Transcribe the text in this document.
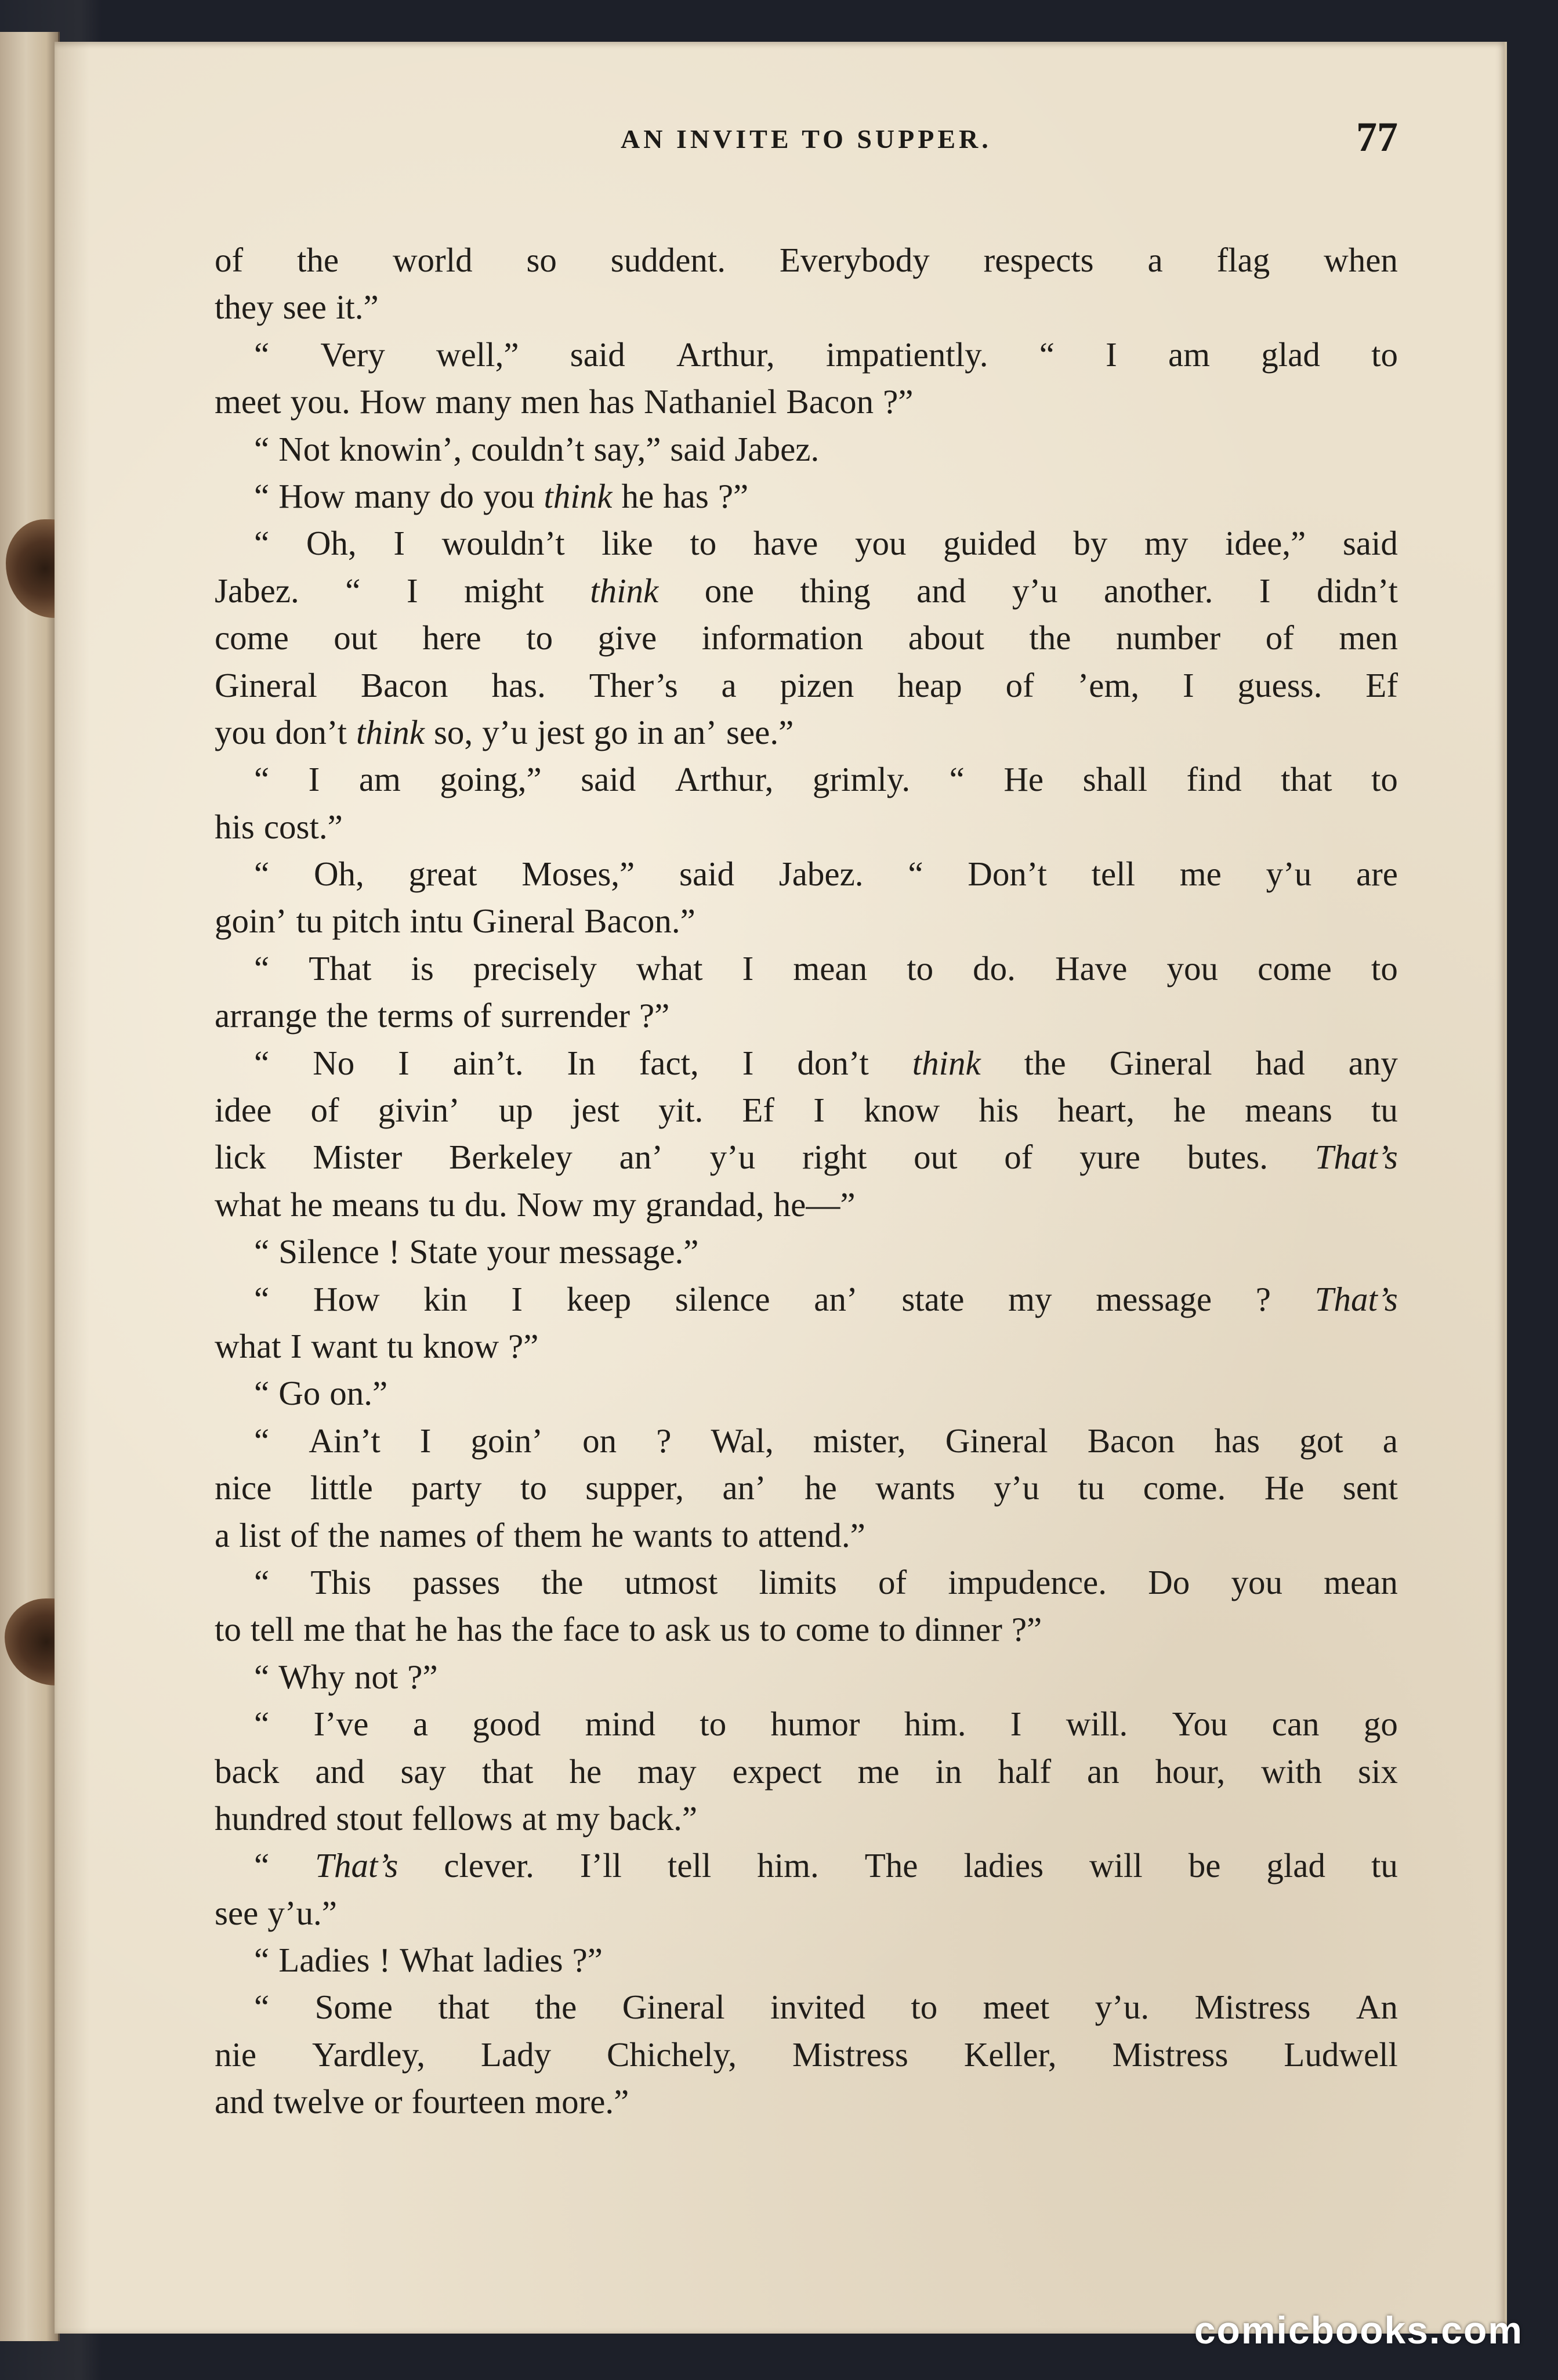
AN INVITE TO SUPPER.	77
of the world so suddent. Everybody respects a flag when
they see it.”
“ Very well,” said Arthur, impatiently. “ I am glad to
meet you. How many men has Nathaniel Bacon ?”
“ Not knowin’, couldn’t say,” said Jabez.
“ How many do you think he has ?”
“ Oh, I wouldn’t like to have you guided by my idee,” said
Jabez. “ I might think one thing and y’u another. I didn’t
come out here to give information about the number of men
Gineral Bacon has. Ther’s a pizen heap of ’em, I guess. Ef
you don’t think so, y’u jest go in an’ see.”
“ I am going,” said Arthur, grimly. “ He shall find that to
his cost.”
“ Oh, great Moses,” said Jabez. “ Don’t tell me y’u are
goin’ tu pitch intu Gineral Bacon.”
“ That is precisely what I mean to do. Have you come to
arrange the terms of surrender ?”
“ No I ain’t. In fact, I don’t think the Gineral had any
idee of givin’ up jest yit. Ef I know his heart, he means tu
lick Mister Berkeley an’ y’u right out of yure butes. That’s
what he means tu du. Now my grandad, he—”
“ Silence ! State your message.”
“ How kin I keep silence an’ state my message ? That’s
what I want tu know ?”
“ Go on.”
“ Ain’t I goin’ on ? Wal, mister, Gineral Bacon has got a
nice little party to supper, an’ he wants y’u tu come. He sent
a list of the names of them he wants to attend.”
“ This passes the utmost limits of impudence. Do you mean
to tell me that he has the face to ask us to come to dinner ?”
“ Why not ?”
“ I’ve a good mind to humor him. I will. You can go
back and say that he may expect me in half an hour, with six
hundred stout fellows at my back.”
“ That’s clever. I’ll tell him. The ladies will be glad tu
see y’u.”
“ Ladies ! What ladies ?”
“ Some that the Gineral invited to meet y’u. Mistress An
nie Yardley, Lady Chichely, Mistress Keller, Mistress Ludwell
and twelve or fourteen more.”
comicbooks.com
